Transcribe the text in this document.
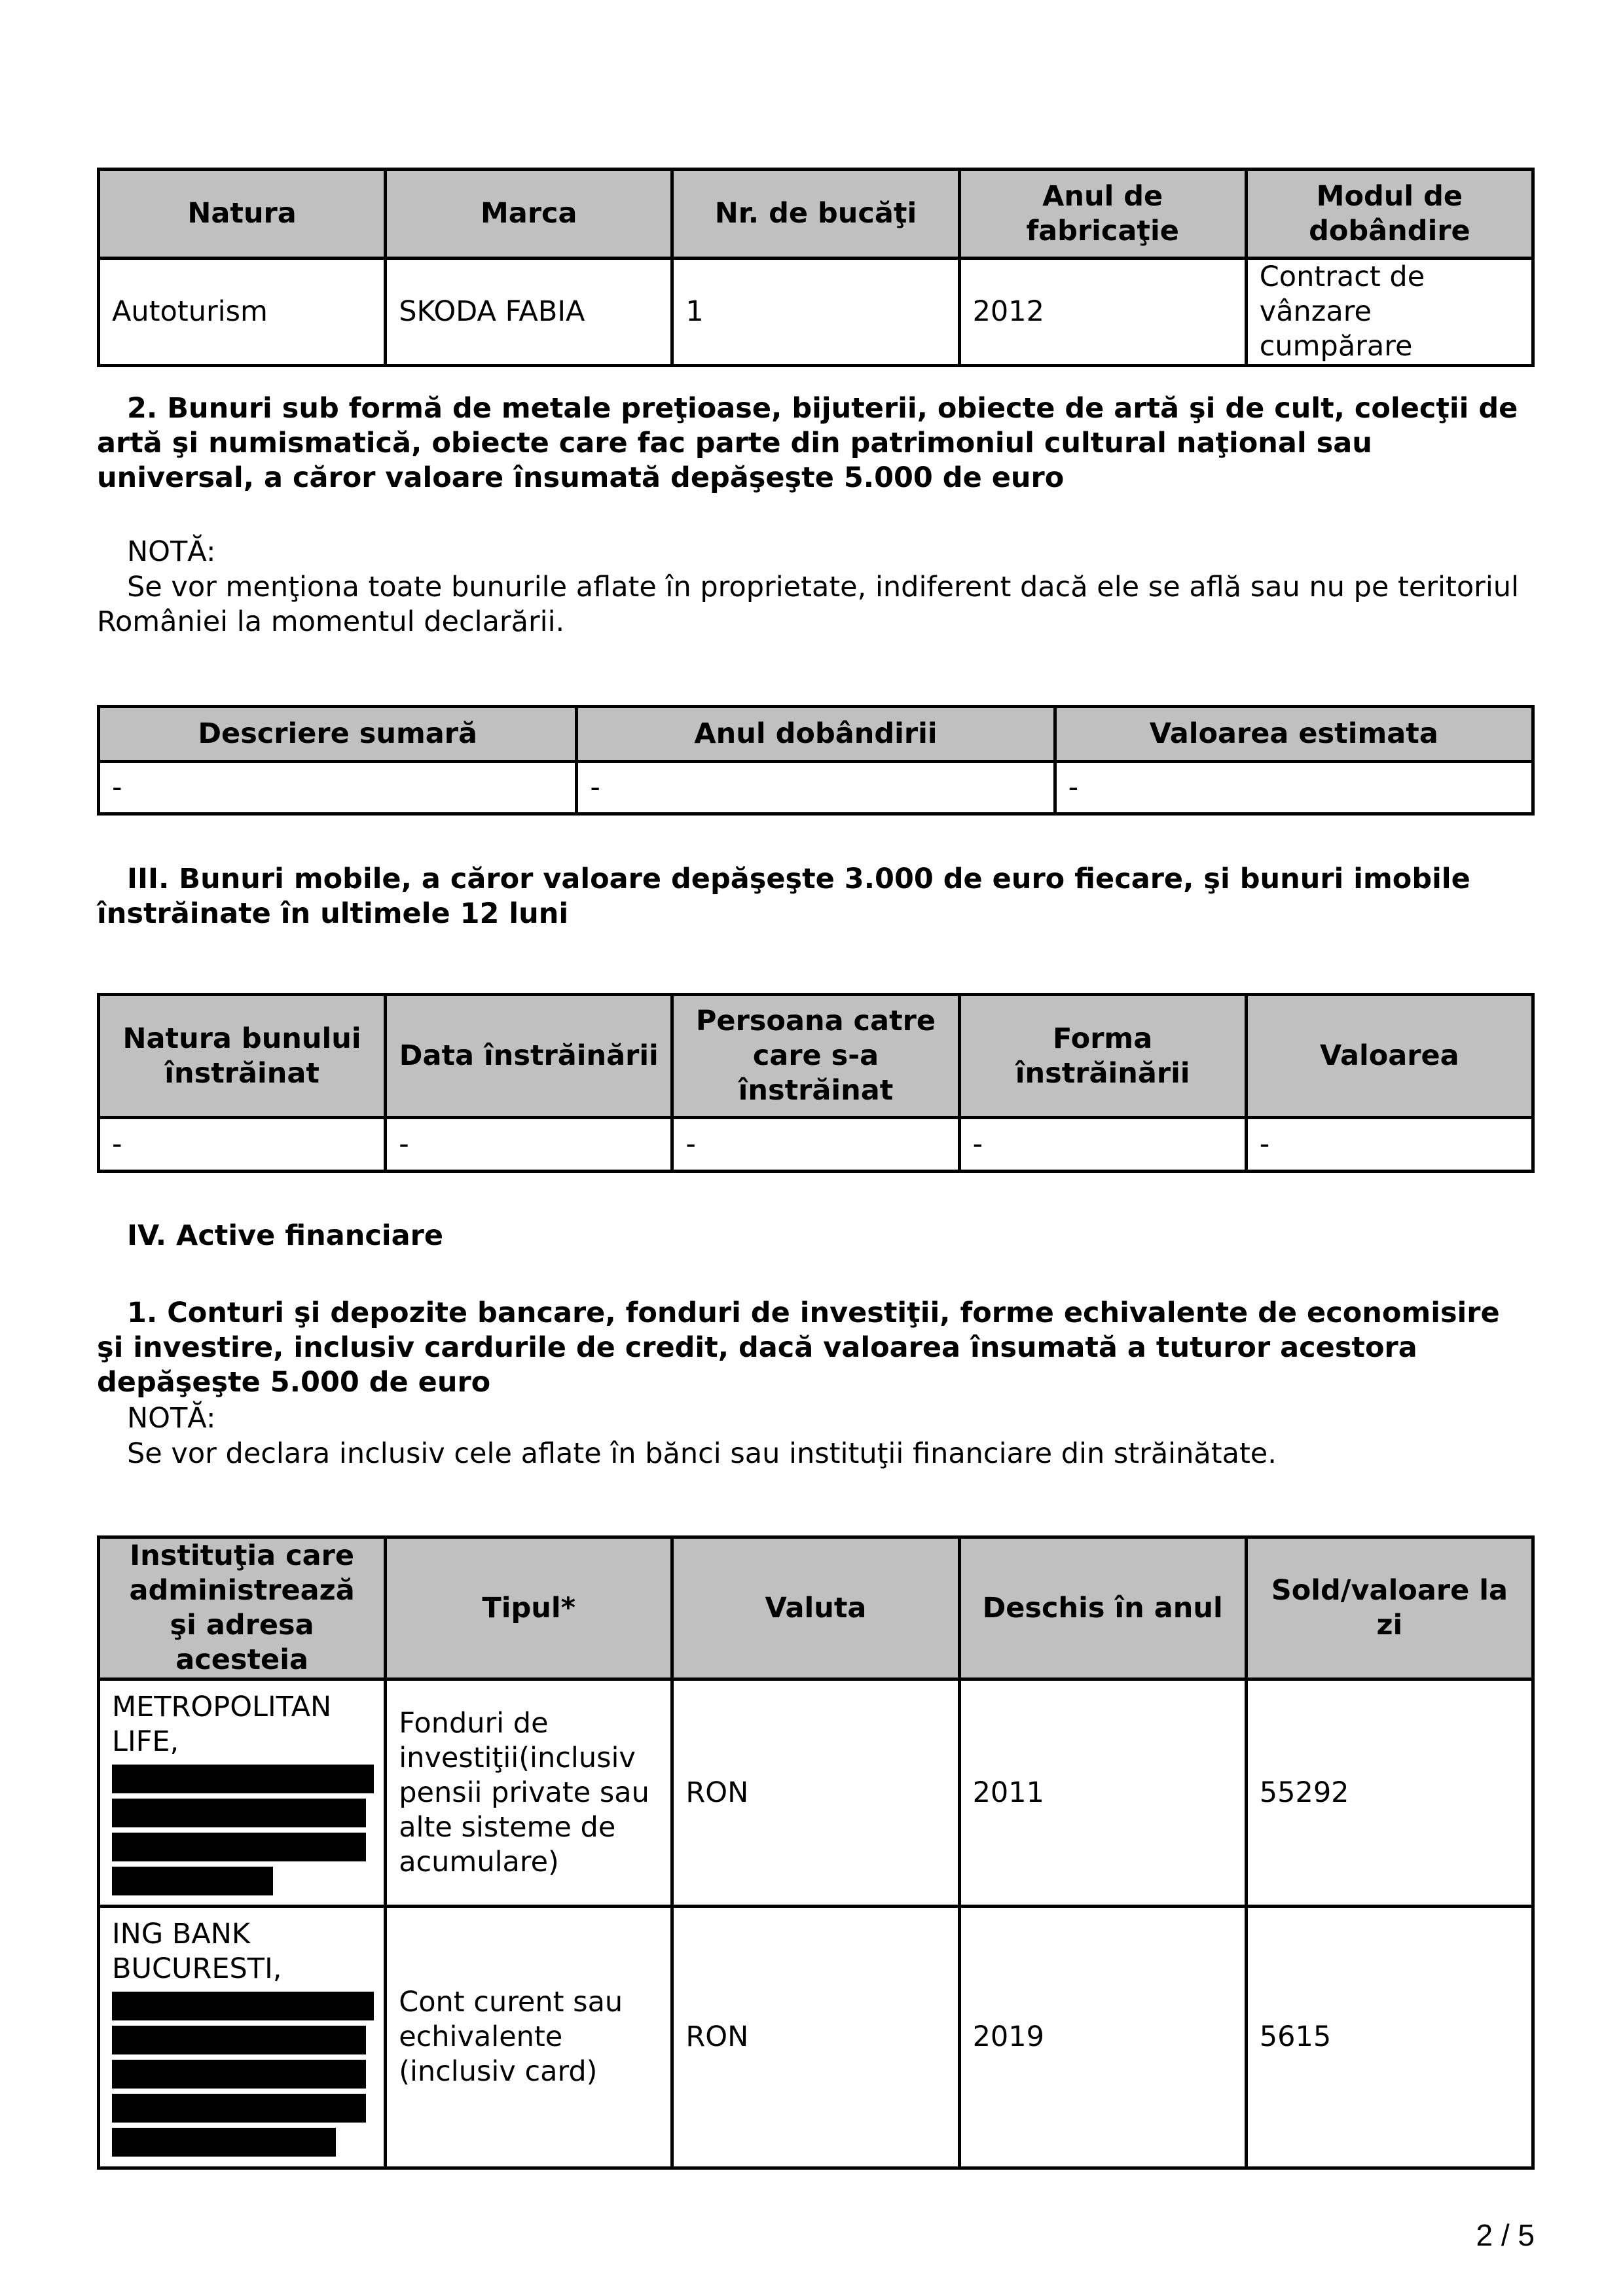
Natura	Marca	Nr. de bucăţi	Anul de fabricaţie	Modul de dobândire
Autoturism	SKODA FABIA	1	2012	Contract de vânzare cumpărare
2. Bunuri sub formă de metale preţioase, bijuterii, obiecte de artă şi de cult, colecţii de artă şi numismatică, obiecte care fac parte din patrimoniul cultural naţional sau universal, a căror valoare însumată depăşeşte 5.000 de euro
NOTĂ:
Se vor menţiona toate bunurile aflate în proprietate, indiferent dacă ele se află sau nu pe teritoriul României la momentul declarării.
Descriere sumară	Anul dobândirii	Valoarea estimata
-	-	-
III. Bunuri mobile, a căror valoare depăşeşte 3.000 de euro fiecare, şi bunuri imobile înstrăinate în ultimele 12 luni
Natura bunului înstrăinat	Data înstrăinării	Persoana catre care s-a înstrăinat	Forma înstrăinării	Valoarea
-	-	-	-	-
IV. Active financiare
1. Conturi şi depozite bancare, fonduri de investiţii, forme echivalente de economisire şi investire, inclusiv cardurile de credit, dacă valoarea însumată a tuturor acestora depăşeşte 5.000 de euro
NOTĂ:
Se vor declara inclusiv cele aflate în bănci sau instituţii financiare din străinătate.
Instituţia care administrează şi adresa acesteia	Tipul*	Valuta	Deschis în anul	Sold/valoare la zi

METROPOLITAN LIFE,	Fonduri de investiţii(inclusiv pensii private sau alte sisteme de acumulare)	RON	2011	55292

ING BANK BUCURESTI,	Cont curent sau echivalente (inclusiv card)	RON	2019	5615
2 / 5
